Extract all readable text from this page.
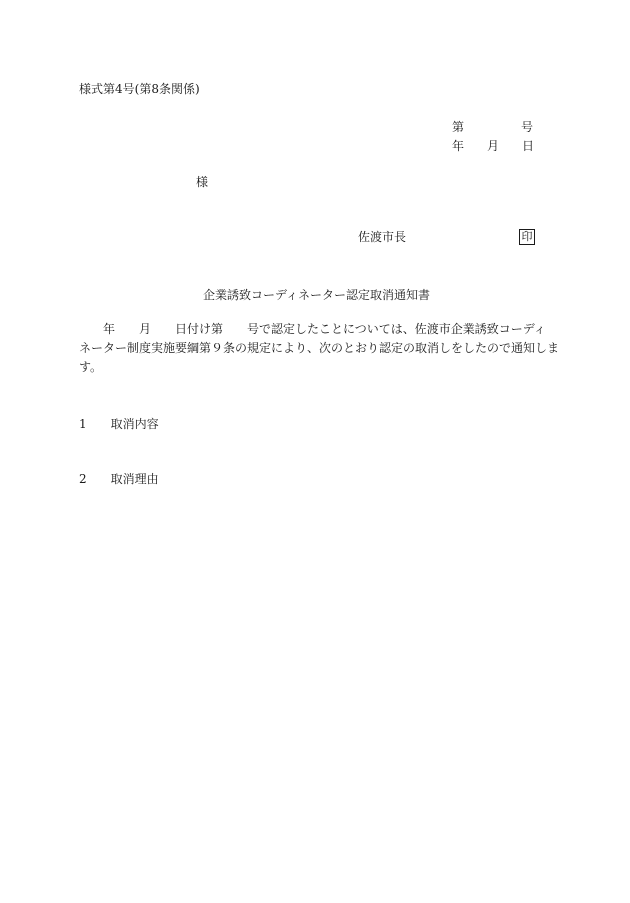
様式第4号(第8条関係)
第	号
年 月 日
様
佐渡市長	印
企業誘致コーディネーター認定取消通知書
　　年　　月　　日付け第　　号で認定したことについては、佐渡市企業誘致コーディ
ネーター制度実施要綱第９条の規定により、次のとおり認定の取消しをしたので通知しま
す。
1　　 取消内容
2　　 取消理由
